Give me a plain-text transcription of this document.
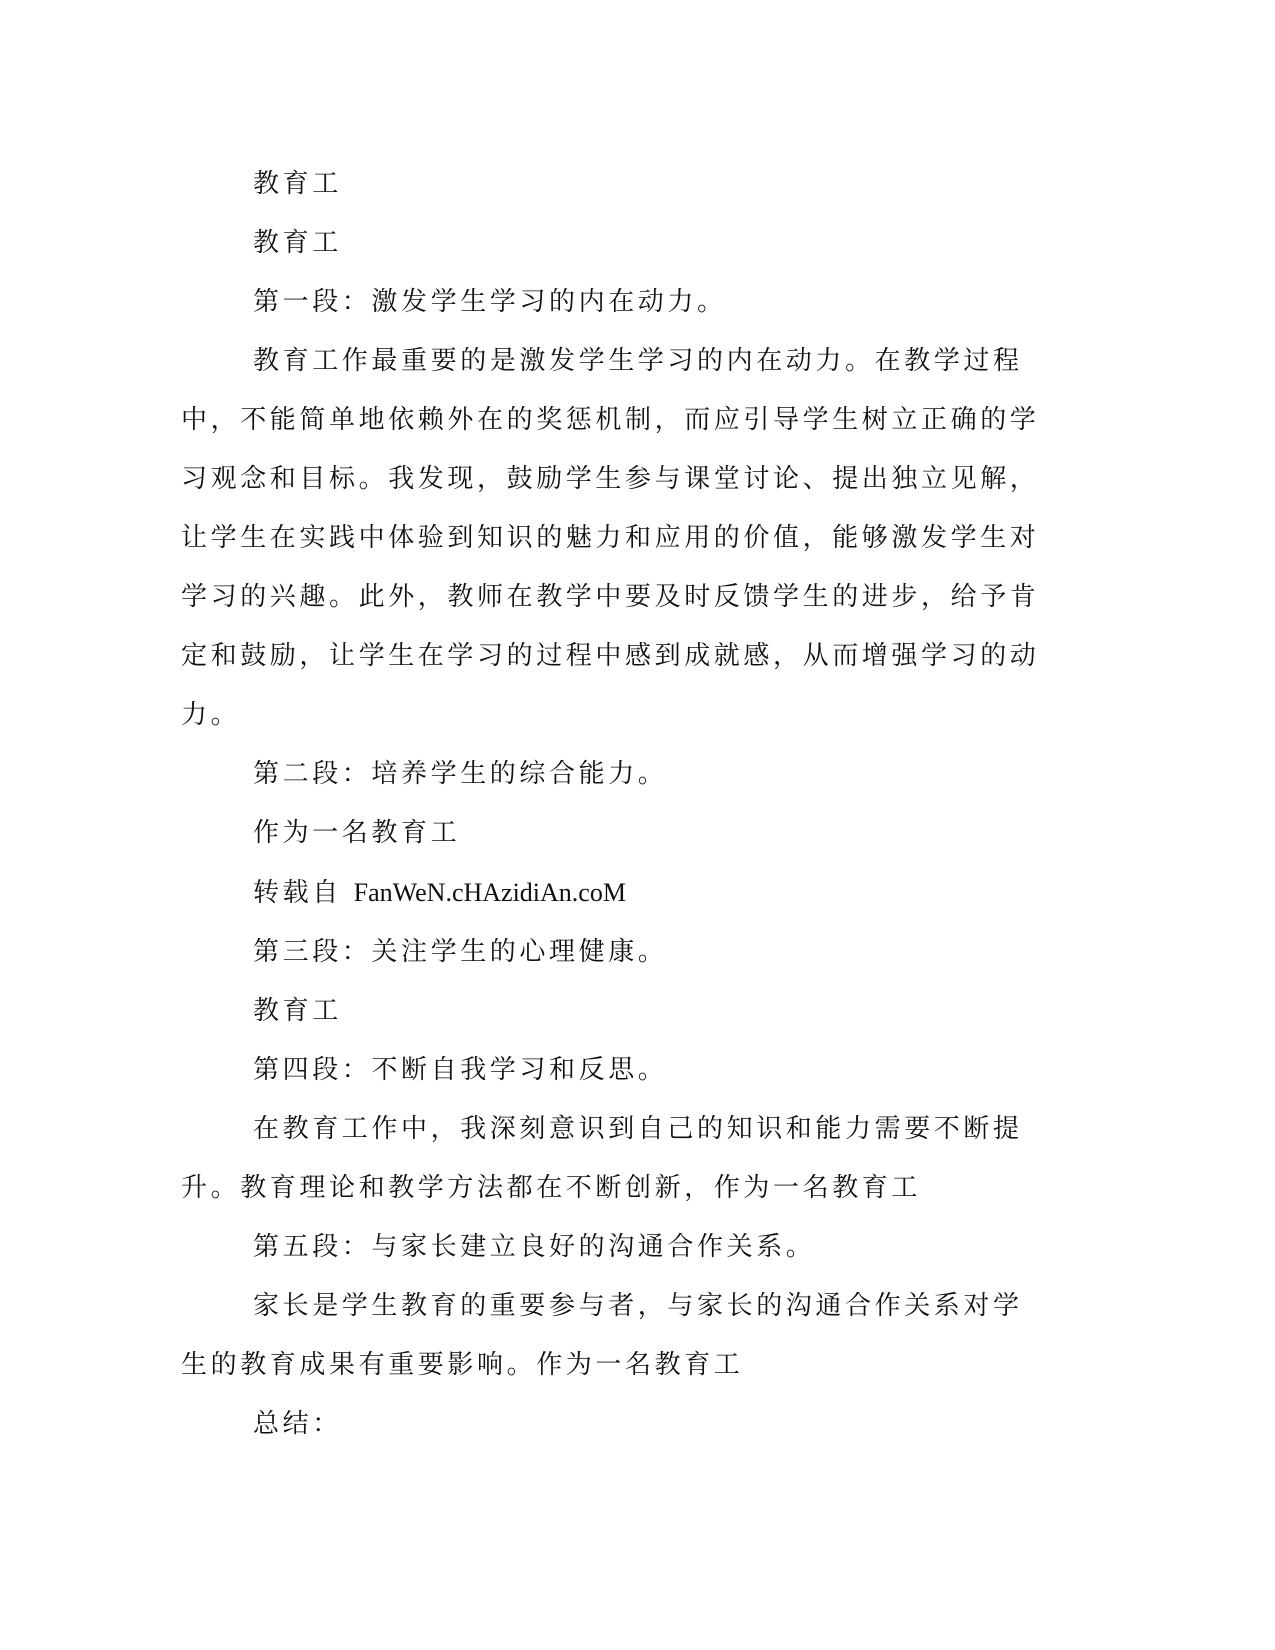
教育工

教育工

第一段：激发学生学习的内在动力。

教育工作最重要的是激发学生学习的内在动力。在教学过程中，不能简单地依赖外在的奖惩机制，而应引导学生树立正确的学习观念和目标。我发现，鼓励学生参与课堂讨论、提出独立见解，让学生在实践中体验到知识的魅力和应用的价值，能够激发学生对学习的兴趣。此外，教师在教学中要及时反馈学生的进步，给予肯定和鼓励，让学生在学习的过程中感到成就感，从而增强学习的动力。

第二段：培养学生的综合能力。

作为一名教育工

转载自 FanWeN.cHAzidiAn.coM

第三段：关注学生的心理健康。

教育工

第四段：不断自我学习和反思。

在教育工作中，我深刻意识到自己的知识和能力需要不断提升。教育理论和教学方法都在不断创新，作为一名教育工

第五段：与家长建立良好的沟通合作关系。

家长是学生教育的重要参与者，与家长的沟通合作关系对学生的教育成果有重要影响。作为一名教育工

总结：
